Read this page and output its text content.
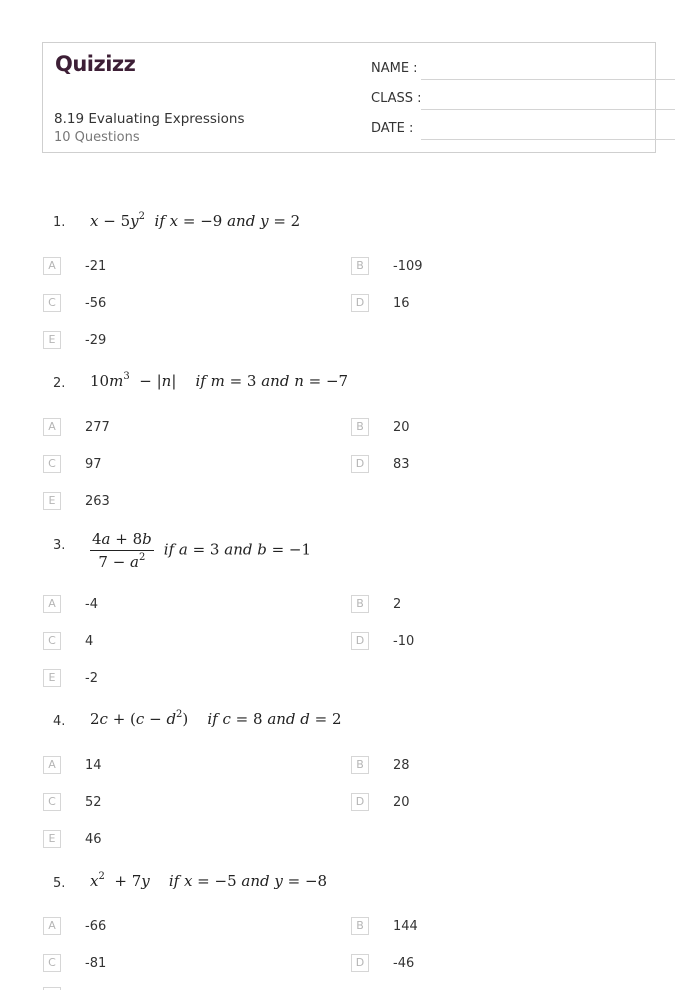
Quizizz
8.19 Evaluating Expressions
10 Questions
NAME :
CLASS :
DATE :
1. $x - 5y^2$ if x = −9 and y = 2
A	-21	B	-109
C	-56	D	16
E	-29
2. $10m^3 - |n|$    if m = 3 and n = −7
A	277	B	20
C	97	D	83
E	263
3. $\frac{4a + 8b}{7 - a^2}$ if a = 3 and b = −1
A	-4	B	2
C	4	D	-10
E	-2
4. $2c + (c - d^2)$    if c = 8 and d = 2
A	14	B	28
C	52	D	20
E	46
5. $x^2 + 7y$ if x = −5 and y = −8
A	-66	B	144
C	-81	D	-46
